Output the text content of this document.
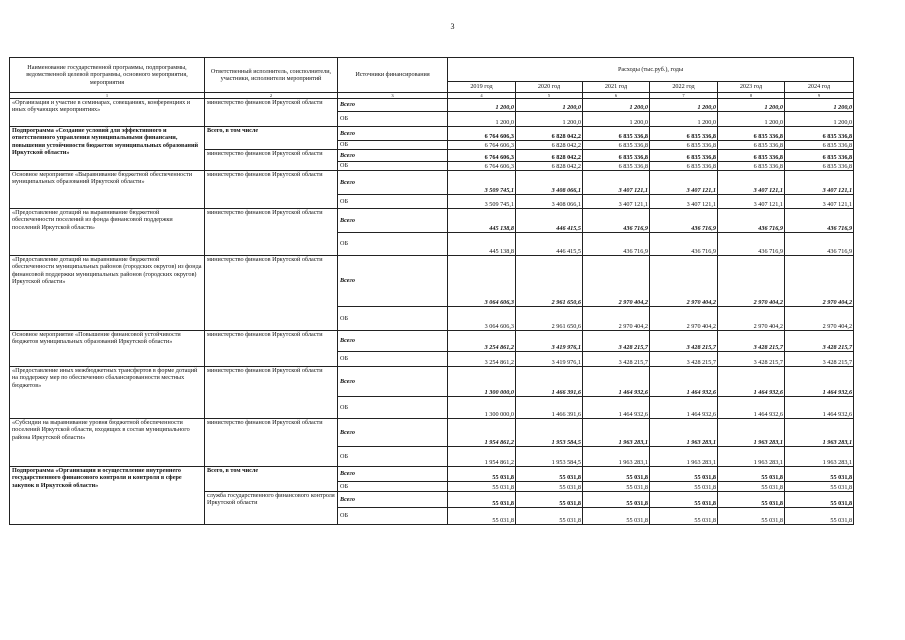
3
Наименование государственной программы, подпрограммы, ведомственной целевой программы, основного мероприятия, мероприятия	Ответственный исполнитель, соисполнители, участники, исполнители мероприятий	Источники финансирования	Расходы (тыс.руб.), годы					
			2019 год	2020 год	2021 год	2022 год	2023 год	2024 год
1	2	3	4	5	6	7	8	9
«Организация и участие в семинарах, совещаниях, конференциях и иных обучающих мероприятиях»	министерство финансов Иркутской области	Всего	1 200,0	1 200,0	1 200,0	1 200,0	1 200,0	1 200,0
		ОБ	1 200,0	1 200,0	1 200,0	1 200,0	1 200,0	1 200,0
Подпрограмма «Создание условий для эффективного и ответственного управления муниципальными финансами, повышения устойчивости бюджетов муниципальных образований Иркутской области»	Всего, в том числе	Всего	6 764 606,3	6 828 042,2	6 835 336,8	6 835 336,8	6 835 336,8	6 835 336,8
		ОБ	6 764 606,3	6 828 042,2	6 835 336,8	6 835 336,8	6 835 336,8	6 835 336,8
	министерство финансов Иркутской области	Всего	6 764 606,3	6 828 042,2	6 835 336,8	6 835 336,8	6 835 336,8	6 835 336,8
		ОБ	6 764 606,3	6 828 042,2	6 835 336,8	6 835 336,8	6 835 336,8	6 835 336,8
Основное мероприятие «Выравнивание бюджетной обеспеченности муниципальных образований Иркутской области»	министерство финансов Иркутской области	Всего	3 509 745,1	3 408 066,1	3 407 121,1	3 407 121,1	3 407 121,1	3 407 121,1
		ОБ	3 509 745,1	3 408 066,1	3 407 121,1	3 407 121,1	3 407 121,1	3 407 121,1
«Предоставление дотаций на выравнивание бюджетной обеспеченности поселений из фонда финансовой поддержки поселений Иркутской области»	министерство финансов Иркутской области	Всего	445 138,8	446 415,5	436 716,9	436 716,9	436 716,9	436 716,9
		ОБ	445 138,8	446 415,5	436 716,9	436 716,9	436 716,9	436 716,9
«Предоставление дотаций на выравнивание бюджетной обеспеченности муниципальных районов (городских округов) из фонда финансовой поддержки муниципальных районов (городских округов) Иркутской области»	министерство финансов Иркутской области	Всего	3 064 606,3	2 961 650,6	2 970 404,2	2 970 404,2	2 970 404,2	2 970 404,2
		ОБ	3 064 606,3	2 961 650,6	2 970 404,2	2 970 404,2	2 970 404,2	2 970 404,2
Основное мероприятие «Повышение финансовой устойчивости бюджетов муниципальных образований Иркутской области»	министерство финансов Иркутской области	Всего	3 254 861,2	3 419 976,1	3 428 215,7	3 428 215,7	3 428 215,7	3 428 215,7
		ОБ	3 254 861,2	3 419 976,1	3 428 215,7	3 428 215,7	3 428 215,7	3 428 215,7
«Предоставление иных межбюджетных трансфертов в форме дотаций на поддержку мер по обеспечению сбалансированности местных бюджетов»	министерство финансов Иркутской области	Всего	1 300 000,0	1 466 391,6	1 464 932,6	1 464 932,6	1 464 932,6	1 464 932,6
		ОБ	1 300 000,0	1 466 391,6	1 464 932,6	1 464 932,6	1 464 932,6	1 464 932,6
«Субсидии на выравнивание уровня бюджетной обеспеченности поселений Иркутской области, входящих в состав муниципального района Иркутской области»	министерство финансов Иркутской области	Всего	1 954 861,2	1 953 584,5	1 963 283,1	1 963 283,1	1 963 283,1	1 963 283,1
		ОБ	1 954 861,2	1 953 584,5	1 963 283,1	1 963 283,1	1 963 283,1	1 963 283,1
Подпрограмма «Организация и осуществление внутреннего государственного финансового контроля и контроля в сфере закупок в Иркутской области»	Всего, в том числе	Всего	55 031,8	55 031,8	55 031,8	55 031,8	55 031,8	55 031,8
		ОБ	55 031,8	55 031,8	55 031,8	55 031,8	55 031,8	55 031,8
	служба государственного финансового контроля Иркутской области	Всего	55 031,8	55 031,8	55 031,8	55 031,8	55 031,8	55 031,8
		ОБ	55 031,8	55 031,8	55 031,8	55 031,8	55 031,8	55 031,8
